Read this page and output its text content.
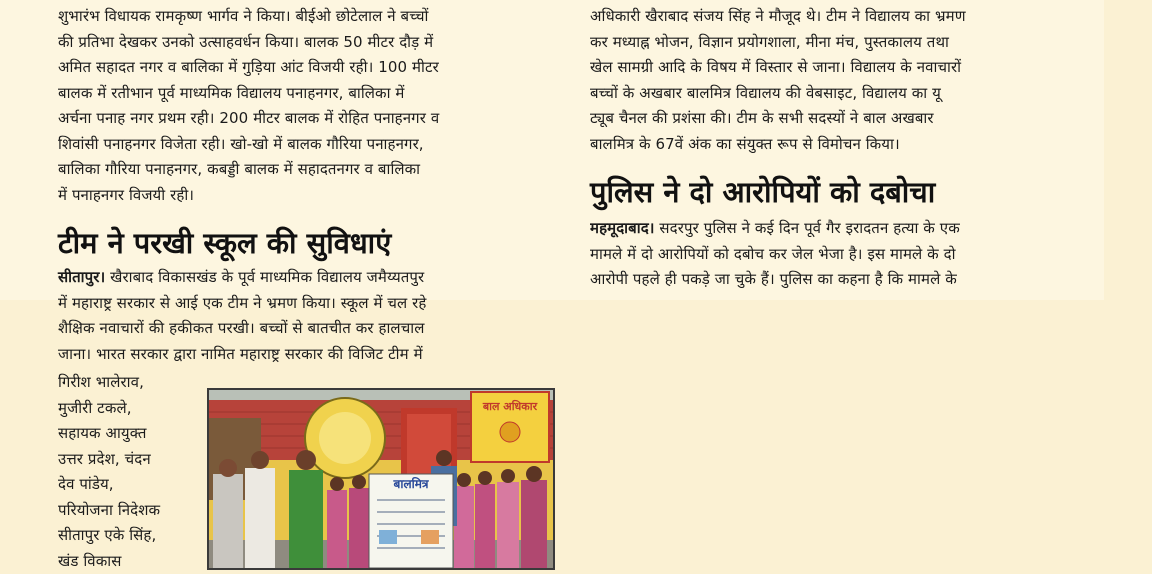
शुभारंभ विधायक रामकृष्ण भार्गव ने किया। बीईओ छोटेलाल ने बच्चों

की प्रतिभा देखकर उनको उत्साहवर्धन किया। बालक 50 मीटर दौड़ में

अमित सहादत नगर व बालिका में गुड़िया आंट विजयी रही। 100 मीटर

बालक में रतीभान पूर्व माध्यमिक विद्यालय पनाहनगर, बालिका में

अर्चना पनाह नगर प्रथम रही। 200 मीटर बालक में रोहित पनाहनगर व

शिवांसी पनाहनगर विजेता रही। खो-खो में बालक गौरिया पनाहनगर,

बालिका गौरिया पनाहनगर, कबड्डी बालक में सहादतनगर व बालिका

में पनाहनगर विजयी रही।

टीम ने परखी स्कूल की सुविधाएं

सीतापुर। खैराबाद विकासखंड के पूर्व माध्यमिक विद्यालय जमैय्यतपुर

में महाराष्ट्र सरकार से आई एक टीम ने भ्रमण किया। स्कूल में चल रहे

शैक्षिक नवाचारों की हकीकत परखी। बच्चों से बातचीत कर हालचाल

जाना। भारत सरकार द्वारा नामित महाराष्ट्र सरकार की विजिट टीम में

गिरीश भालेराव,

मुजीरी टकले,

सहायक आयुक्त

उत्तर प्रदेश, चंदन

देव पांडेय,

परियोजना निदेशक

सीतापुर एके सिंह,

खंड विकास

बाल अधिकार
बालमित्र

अधिकारी खैराबाद संजय सिंह ने मौजूद थे। टीम ने विद्यालय का भ्रमण

कर मध्याह्न भोजन, विज्ञान प्रयोगशाला, मीना मंच, पुस्तकालय तथा

खेल सामग्री आदि के विषय में विस्तार से जाना। विद्यालय के नवाचारों

बच्चों के अखबार बालमित्र विद्यालय की वेबसाइट, विद्यालय का यू

ट्यूब चैनल की प्रशंसा की। टीम के सभी सदस्यों ने बाल अखबार

बालमित्र के 67वें अंक का संयुक्त रूप से विमोचन किया।

पुलिस ने दो आरोपियों को दबोचा

महमूदाबाद। सदरपुर पुलिस ने कई दिन पूर्व गैर इरादतन हत्या के एक

मामले में दो आरोपियों को दबोच कर जेल भेजा है। इस मामले के दो

आरोपी पहले ही पकड़े जा चुके हैं। पुलिस का कहना है कि मामले के
